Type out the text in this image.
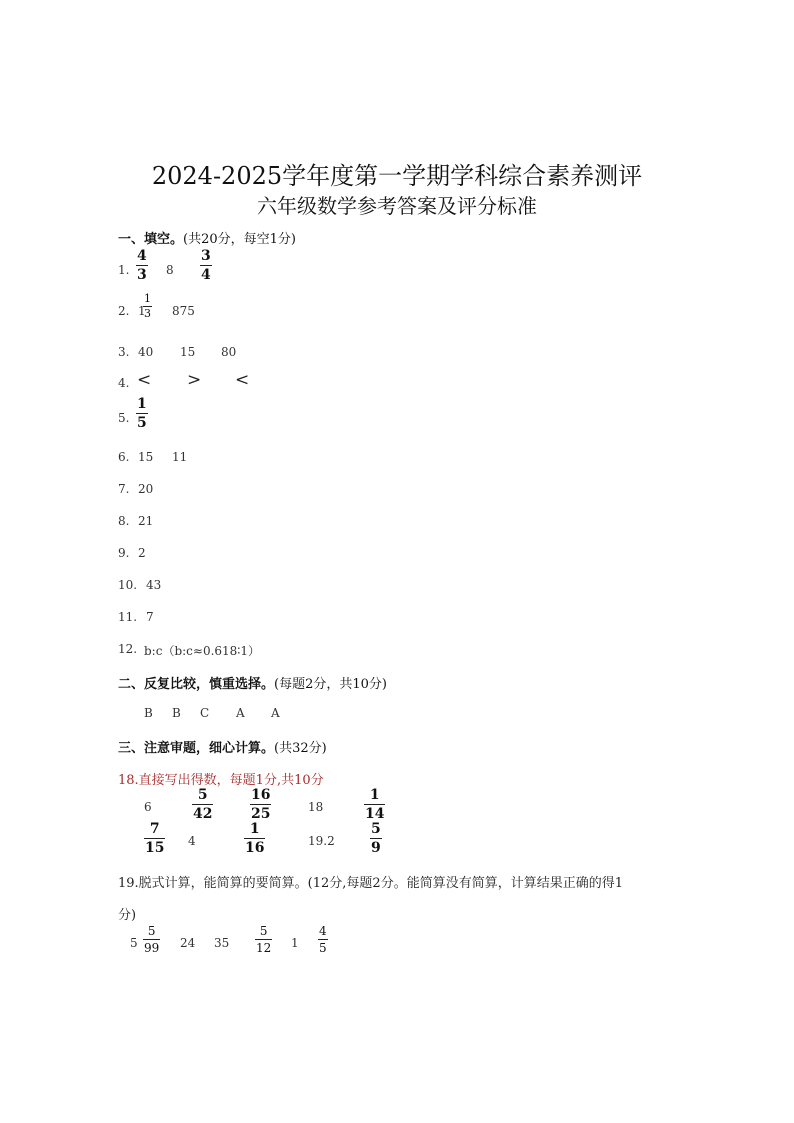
2024-2025学年度第一学期学科综合素养测评
六年级数学参考答案及评分标准
一、填空。(共20分，每空1分)
1.
4
3 8
3
4
2. 1
1
3 875
3. 40 15 80
4. < > <
5.
1
5
6. 15 11
7. 20
8. 21
9. 2
10. 43
11. 7
12. b:c（b:c≈0.618∶1）
二、反复比较，慎重选择。(每题2分，共10分)
B B C A A
三、注意审题，细心计算。(共32分)
18.直接写出得数，每题1分,共10分
6
5
42
16
25	18
1
14
7
15 4
1
16	19.2
5
9
19.脱式计算，能简算的要简算。(12分,每题2分。能简算没有简算，计算结果正确的得1
分)
5
5
99 24 35
5
12 1
4
5
